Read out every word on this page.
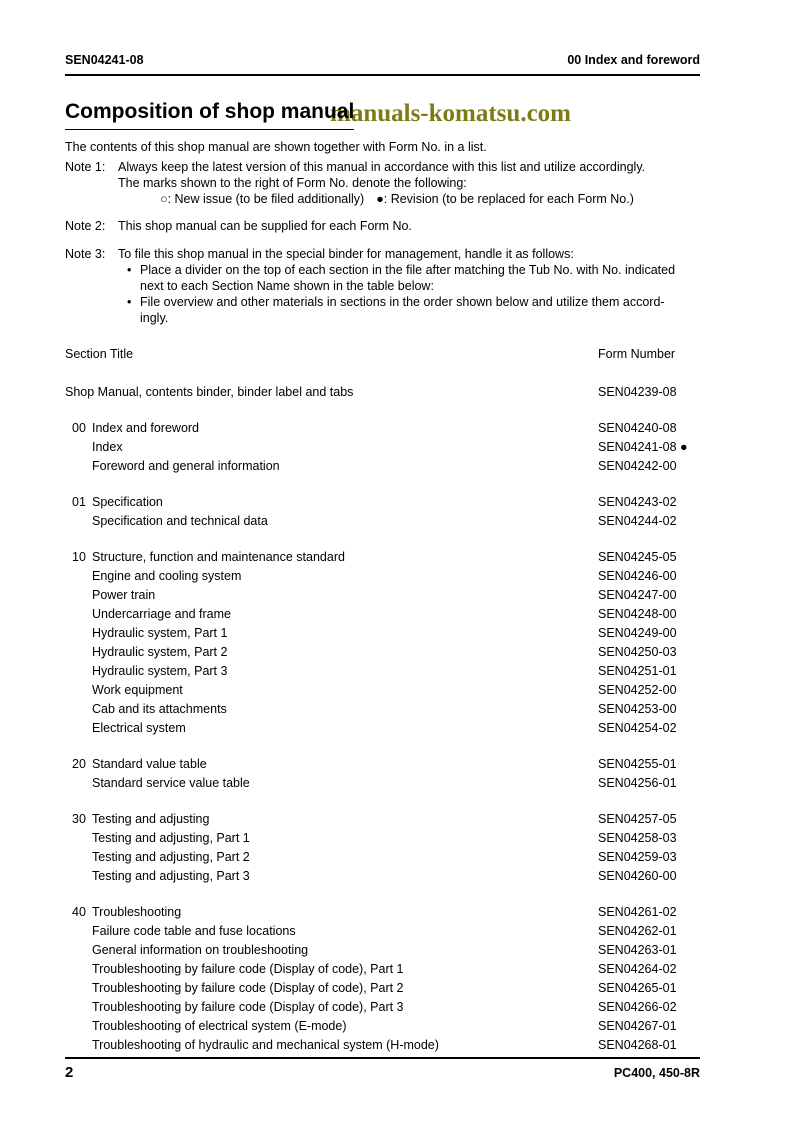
manuals-komatsu.com
SEN04241-08	00 Index and foreword
Composition of shop manual

The contents of this shop manual are shown together with Form No. in a list.

Note 1:	Always keep the latest version of this manual in accordance with this list and utilize accordingly.
The marks shown to the right of Form No. denote the following:
○: New issue (to be filed additionally) ●: Revision (to be replaced for each Form No.)
Note 2:	This shop manual can be supplied for each Form No.
Note 3:	To file this shop manual in the special binder for management, handle it as follows:
• Place a divider on the top of each section in the file after matching the Tub No. with No. indicated
next to each Section Name shown in the table below:
• File overview and other materials in sections in the order shown below and utilize them accord-
ingly.
Section Title	Form Number
Shop Manual, contents binder, binder label and tabs	SEN04239-08
00 Index and foreword	SEN04240-08
Index	SEN04241-08 ●
Foreword and general information	SEN04242-00
01 Specification	SEN04243-02
Specification and technical data	SEN04244-02
10 Structure, function and maintenance standard	SEN04245-05
Engine and cooling system	SEN04246-00
Power train	SEN04247-00
Undercarriage and frame	SEN04248-00
Hydraulic system, Part 1	SEN04249-00
Hydraulic system, Part 2	SEN04250-03
Hydraulic system, Part 3	SEN04251-01
Work equipment	SEN04252-00
Cab and its attachments	SEN04253-00
Electrical system	SEN04254-02
20 Standard value table	SEN04255-01
Standard service value table	SEN04256-01
30 Testing and adjusting	SEN04257-05
Testing and adjusting, Part 1	SEN04258-03
Testing and adjusting, Part 2	SEN04259-03
Testing and adjusting, Part 3	SEN04260-00
40 Troubleshooting	SEN04261-02
Failure code table and fuse locations	SEN04262-01
General information on troubleshooting	SEN04263-01
Troubleshooting by failure code (Display of code), Part 1	SEN04264-02
Troubleshooting by failure code (Display of code), Part 2	SEN04265-01
Troubleshooting by failure code (Display of code), Part 3	SEN04266-02
Troubleshooting of electrical system (E-mode)	SEN04267-01
Troubleshooting of hydraulic and mechanical system (H-mode)	SEN04268-01
2	PC400, 450-8R
